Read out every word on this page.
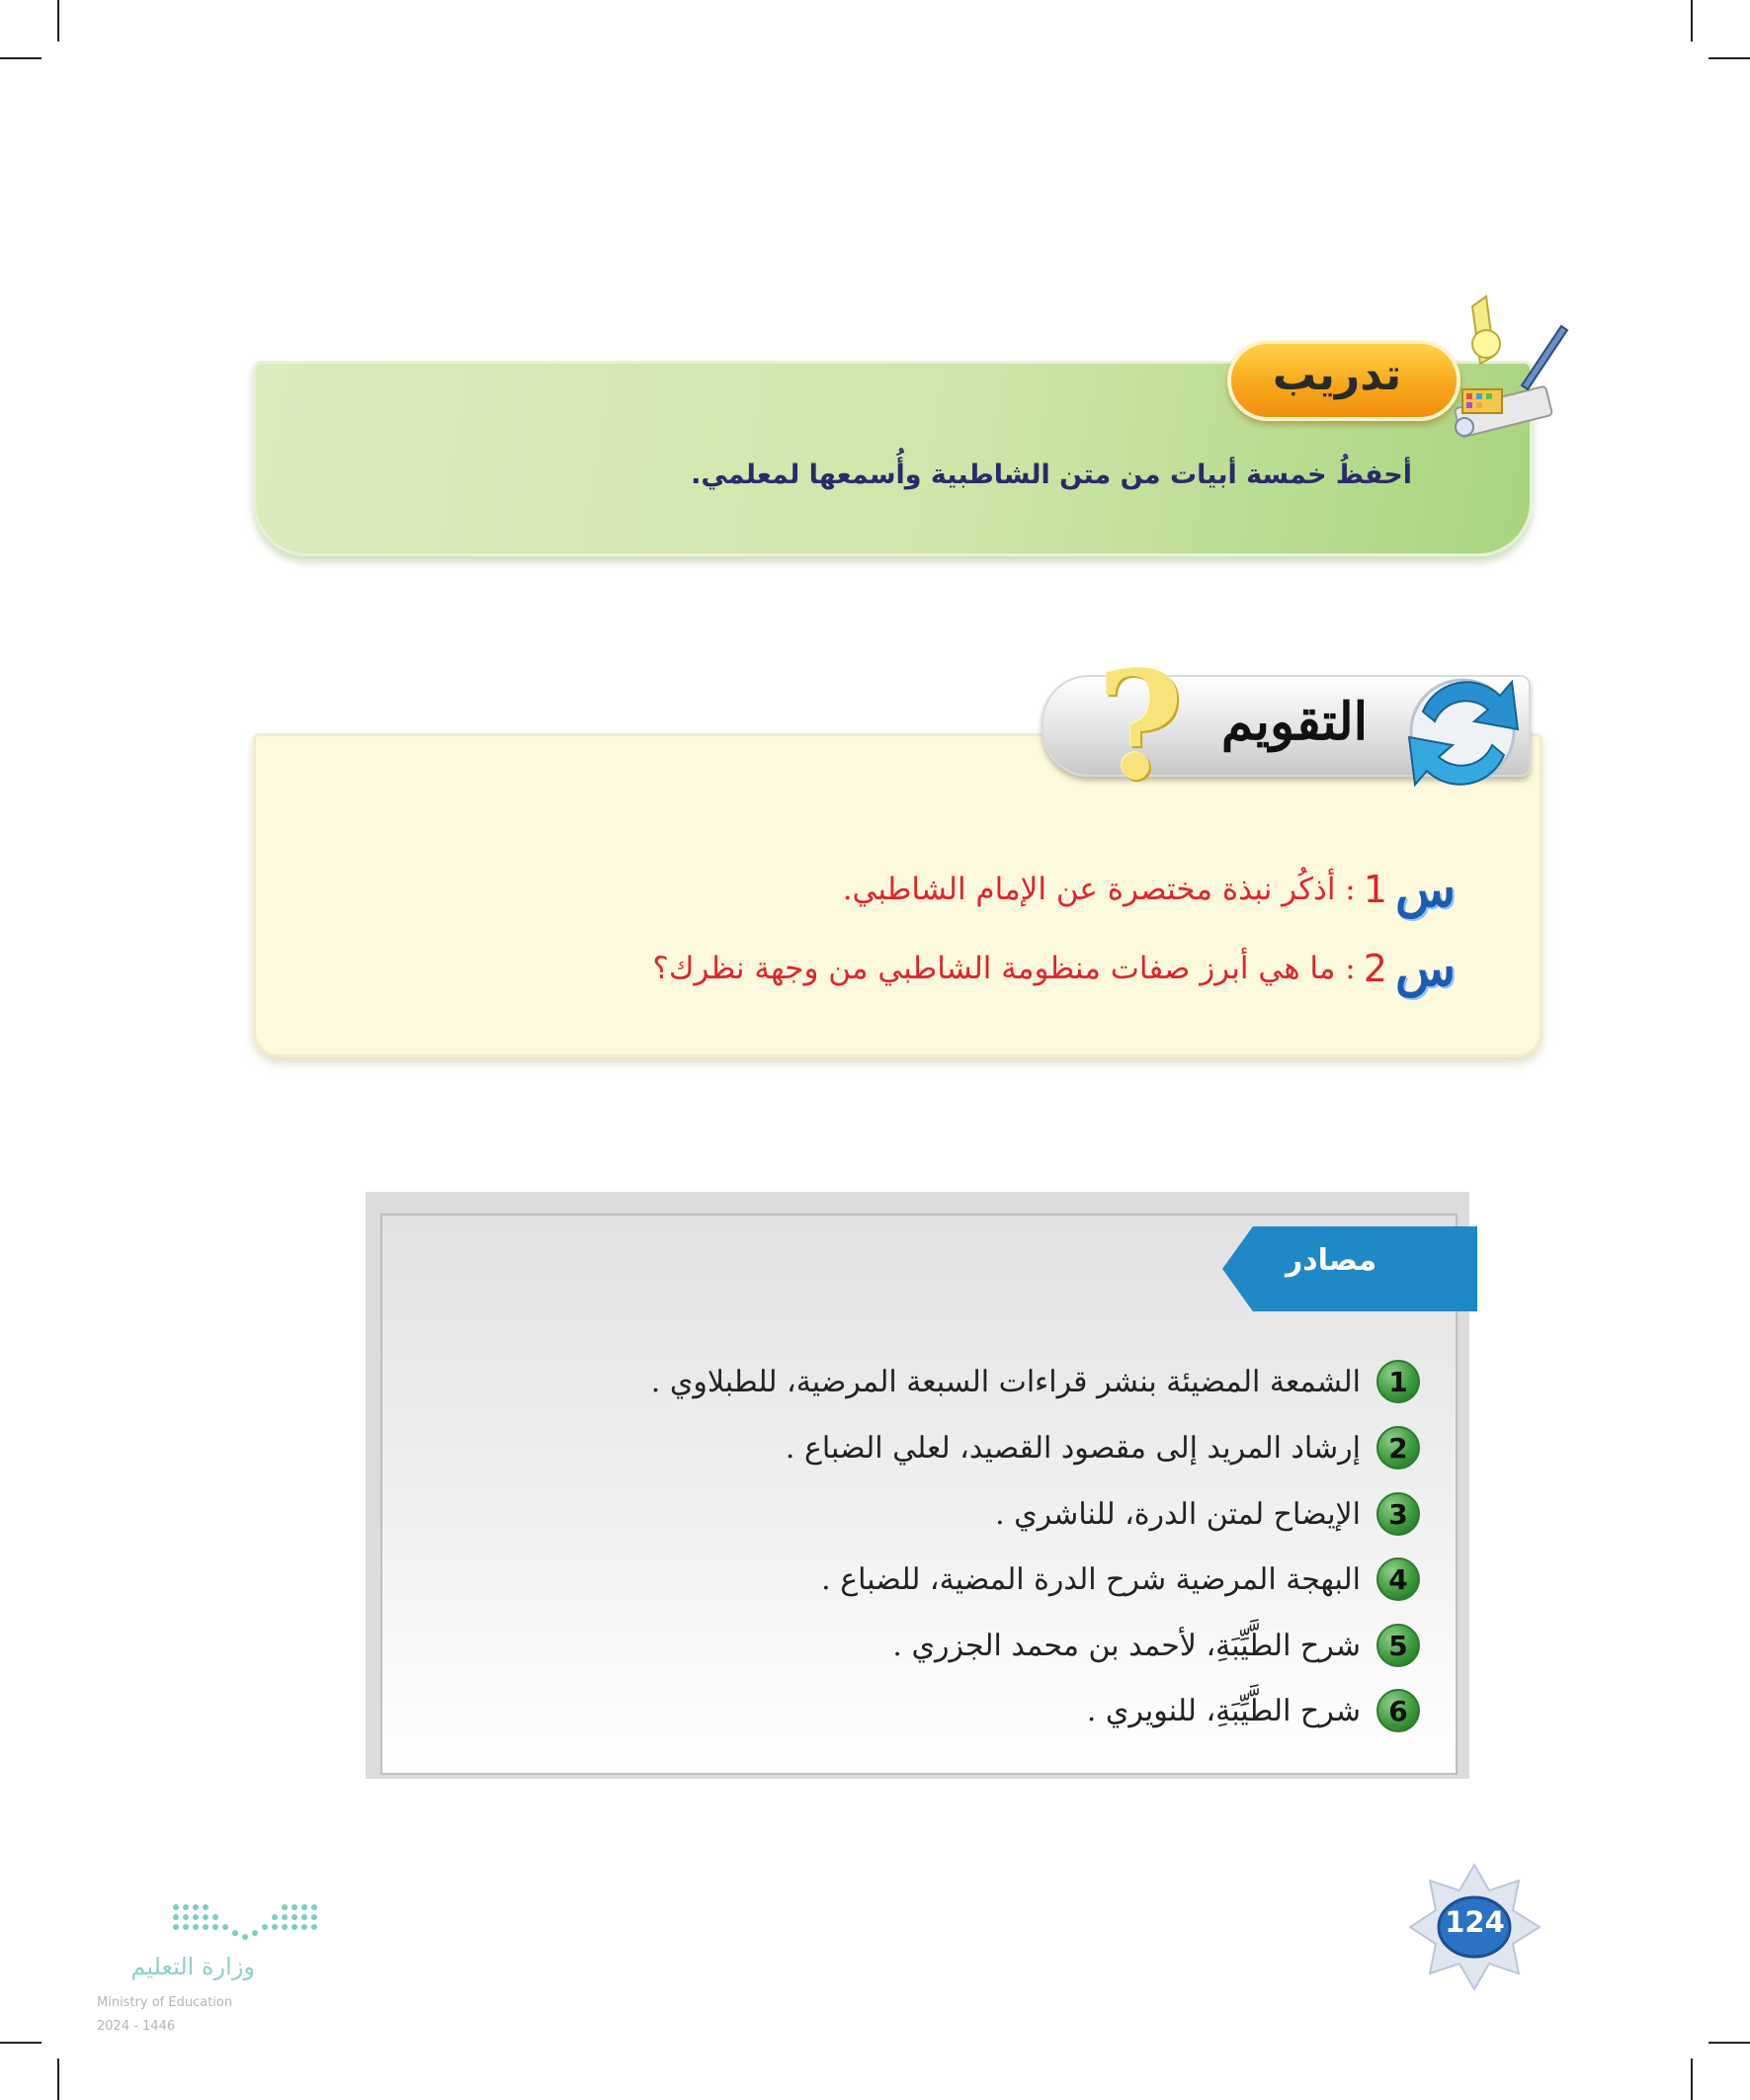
أحفظُ خمسة أبيات من متن الشاطبية وأُسمعها لمعلمي.
تدريب
? التقويم
س
1
: أذكُر نبذة مختصرة عن الإمام الشاطبي.
س
2
: ما هي أبرز صفات منظومة الشاطبي من وجهة نظرك؟
مصادر
1
الشمعة المضيئة بنشر قراءات السبعة المرضية، للطبلاوي .
2
إرشاد المريد إلى مقصود القصيد، لعلي الضباع .
3
الإيضاح لمتن الدرة، للناشري .
4
البهجة المرضية شرح الدرة المضية، للضباع .
5
شرح الطَّيِّبَةِ، لأحمد بن محمد الجزري .
6
شرح الطَّيِّبَةِ، للنويري .
124
وزارة التعليم
Ministry of Education
2024 - 1446
